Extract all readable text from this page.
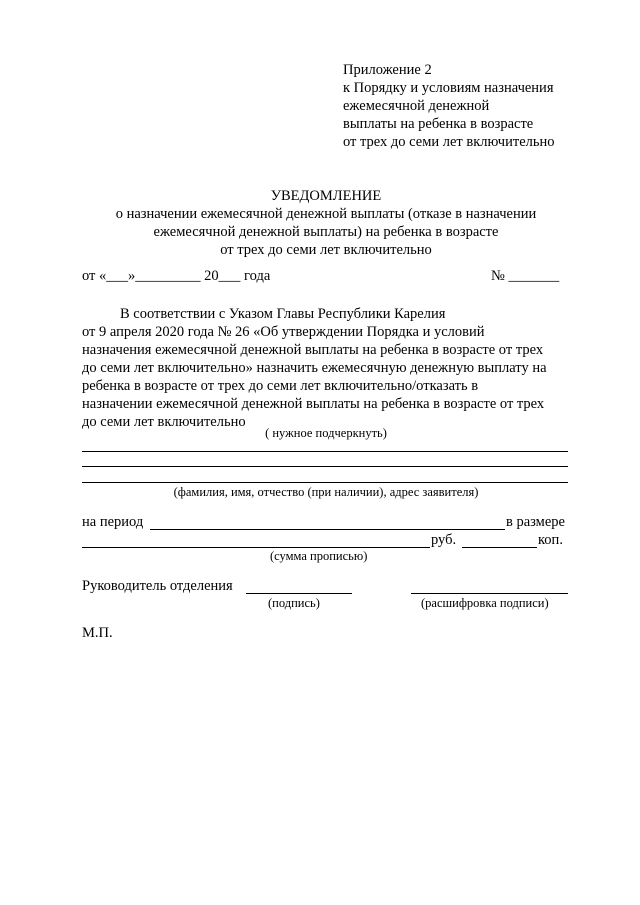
Приложение 2
к Порядку и условиям назначения
ежемесячной денежной
выплаты на ребенка в возрасте
от трех до семи лет включительно
УВЕДОМЛЕНИЕ
о назначении ежемесячной денежной выплаты (отказе в назначении
ежемесячной денежной выплаты) на ребенка в возрасте
от трех до семи лет включительно
от «___»_________ 20___ года	№ _______

В соответствии с Указом Главы Республики Карелия

от 9 апреля 2020 года № 26 «Об утверждении Порядка и условий

назначения ежемесячной денежной выплаты на ребенка в возрасте от трех

до семи лет включительно» назначить ежемесячную денежную выплату на

ребенка в возрасте от трех до семи лет включительно/отказать в

назначении ежемесячной денежной выплаты на ребенка в возрасте от трех

до семи лет включительно

( нужное подчеркнуть)
(фамилия, имя, отчество (при наличии), адрес заявителя)
на период	в размере
руб.	коп.
(сумма прописью)
Руководитель отделения
(подпись)	(расшифровка подписи)
М.П.
